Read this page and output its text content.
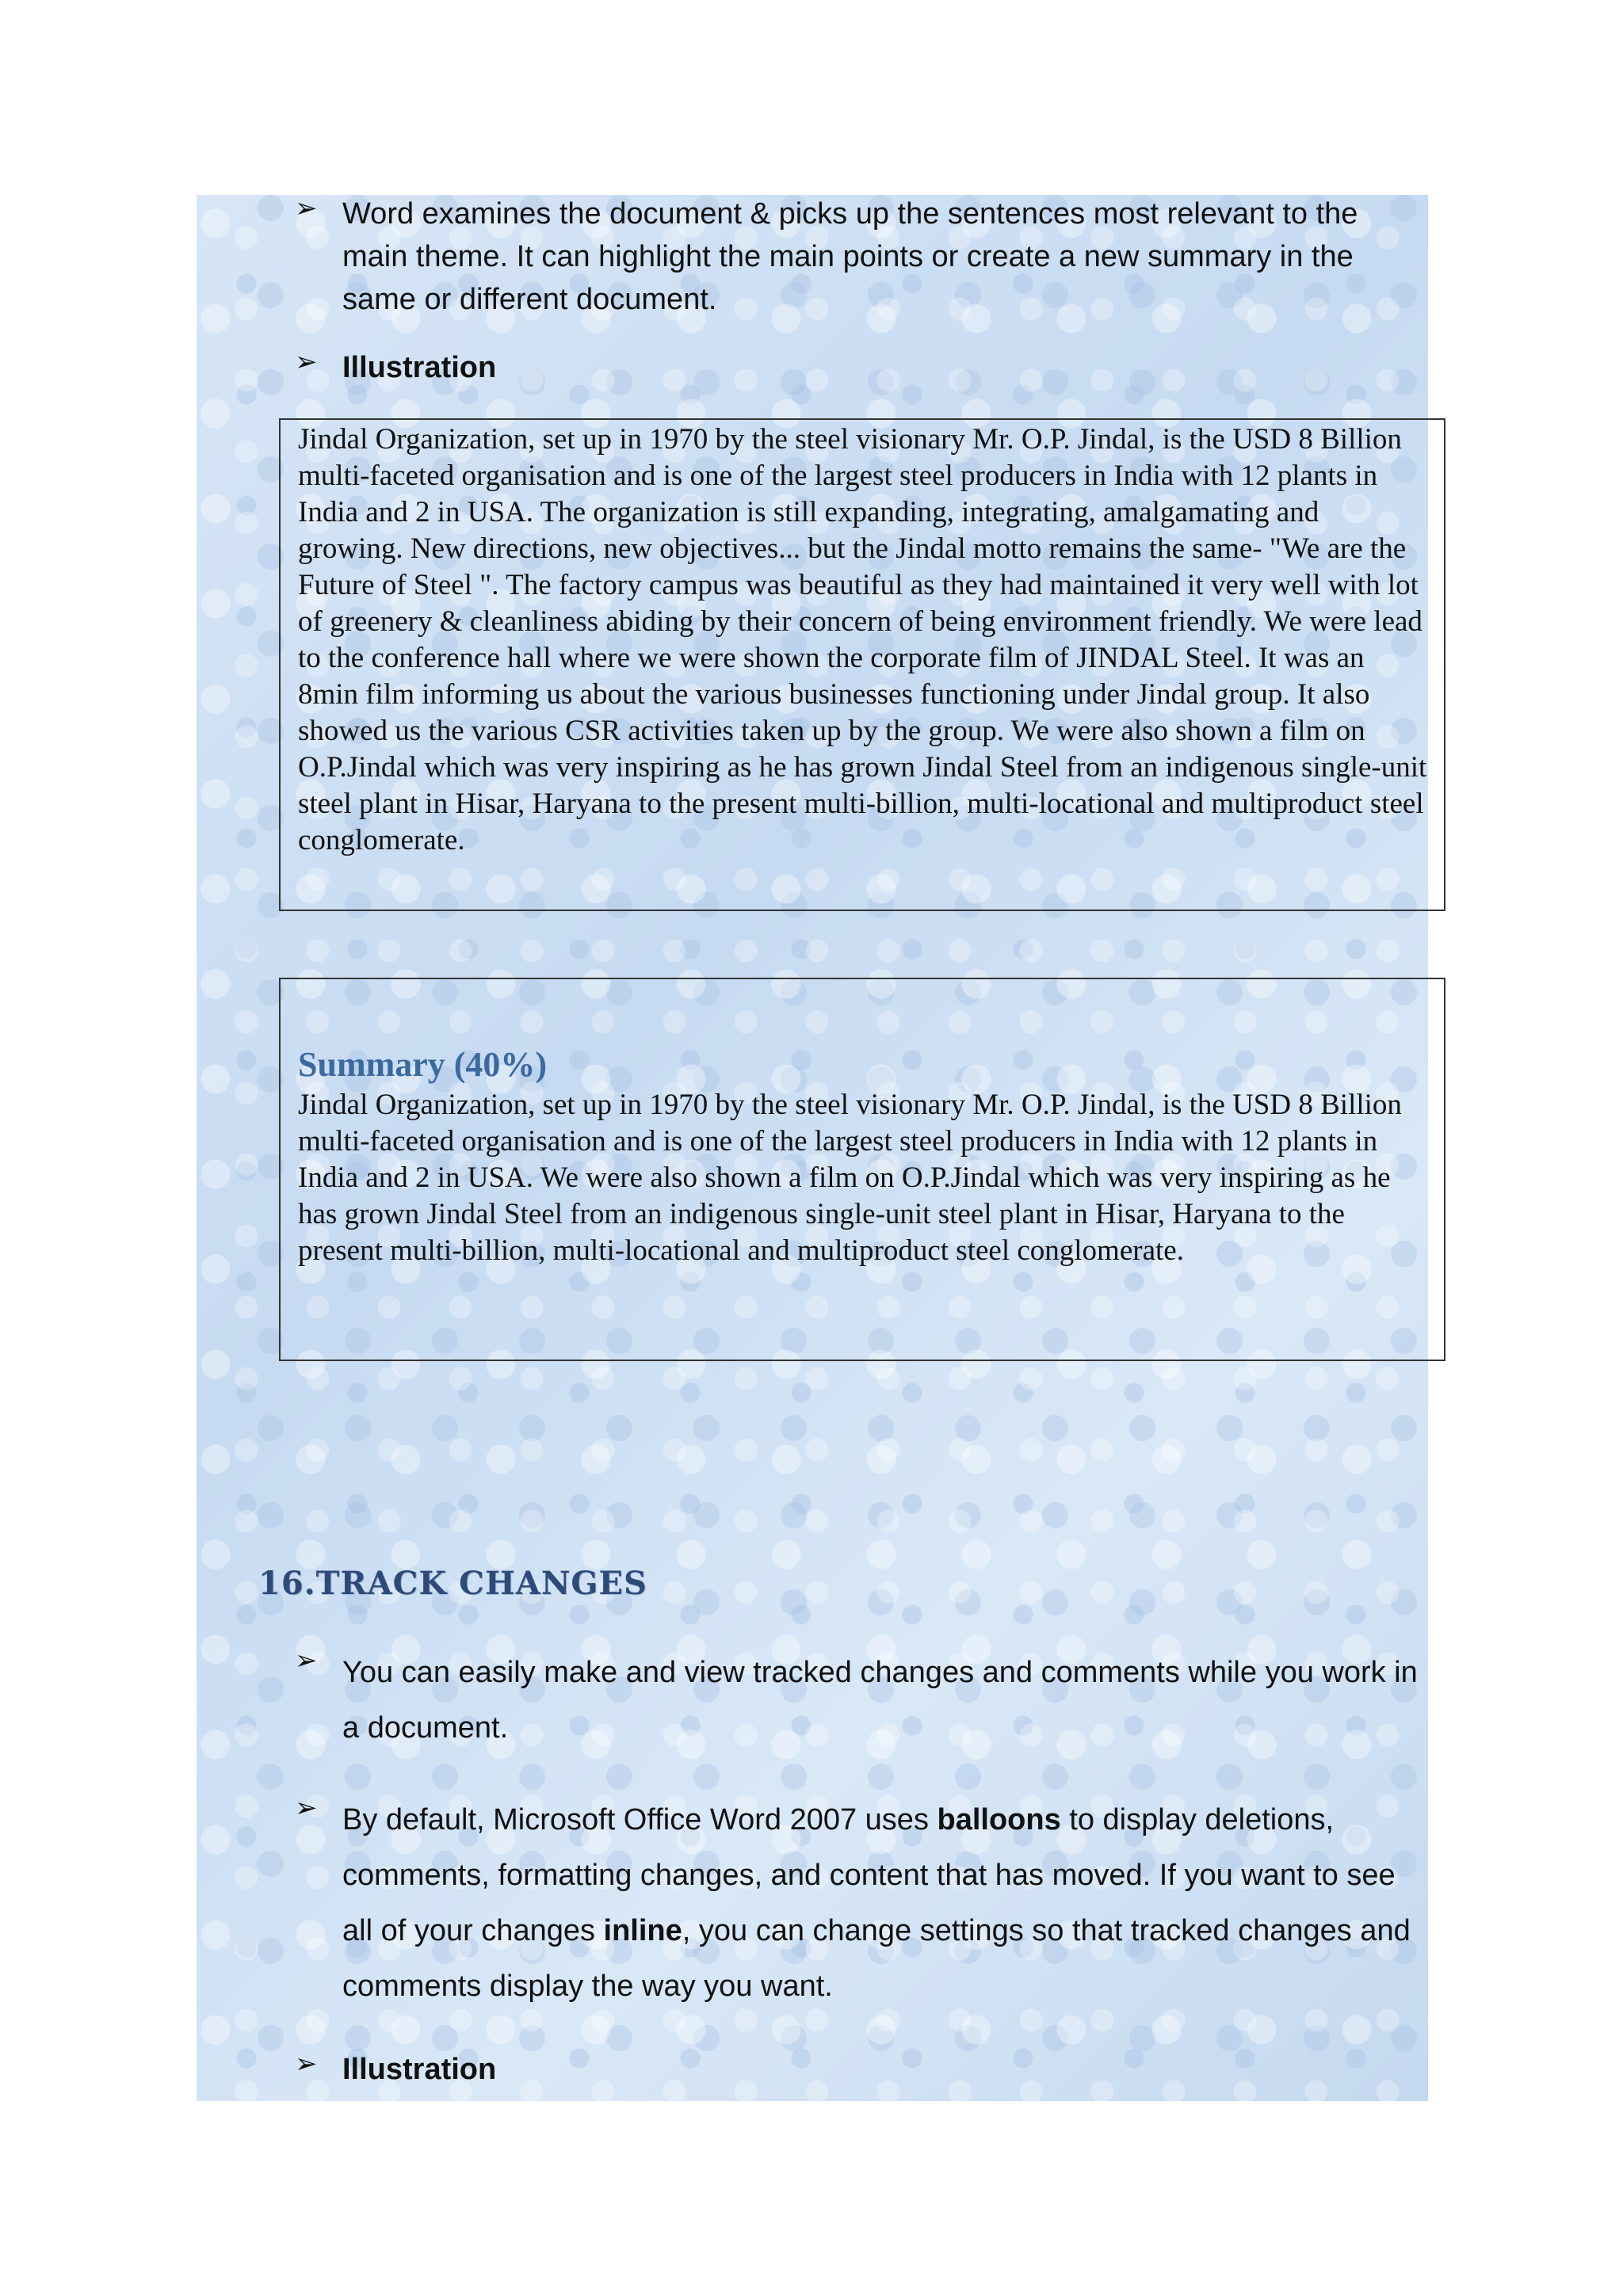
➢ Word examines the document & picks up the sentences most relevant to the main theme. It can highlight the main points or create a new summary in the same or different document.
➢ Illustration
Jindal Organization, set up in 1970 by the steel visionary Mr. O.P. Jindal, is the USD 8 Billion multi-faceted organisation and is one of the largest steel producers in India with 12 plants in India and 2 in USA. The organization is still expanding, integrating, amalgamating and growing. New directions, new objectives... but the Jindal motto remains the same- "We are the Future of Steel ". The factory campus was beautiful as they had maintained it very well with lot of greenery & cleanliness abiding by their concern of being environment friendly. We were lead to the conference hall where we were shown the corporate film of JINDAL Steel. It was an 8min film informing us about the various businesses functioning under Jindal group. It also showed us the various CSR activities taken up by the group. We were also shown a film on O.P.Jindal which was very inspiring as he has grown Jindal Steel from an indigenous single-unit steel plant in Hisar, Haryana to the present multi-billion, multi-locational and multiproduct steel conglomerate.
Summary (40%)
Jindal Organization, set up in 1970 by the steel visionary Mr. O.P. Jindal, is the USD 8 Billion multi-faceted organisation and is one of the largest steel producers in India with 12 plants in India and 2 in USA. We were also shown a film on O.P.Jindal which was very inspiring as he has grown Jindal Steel from an indigenous single-unit steel plant in Hisar, Haryana to the present multi-billion, multi-locational and multiproduct steel conglomerate.
16.TRACK CHANGES
➢ You can easily make and view tracked changes and comments while you work in a document.
➢ By default, Microsoft Office Word 2007 uses balloons to display deletions, comments, formatting changes, and content that has moved. If you want to see all of your changes inline, you can change settings so that tracked changes and comments display the way you want.
➢ Illustration
